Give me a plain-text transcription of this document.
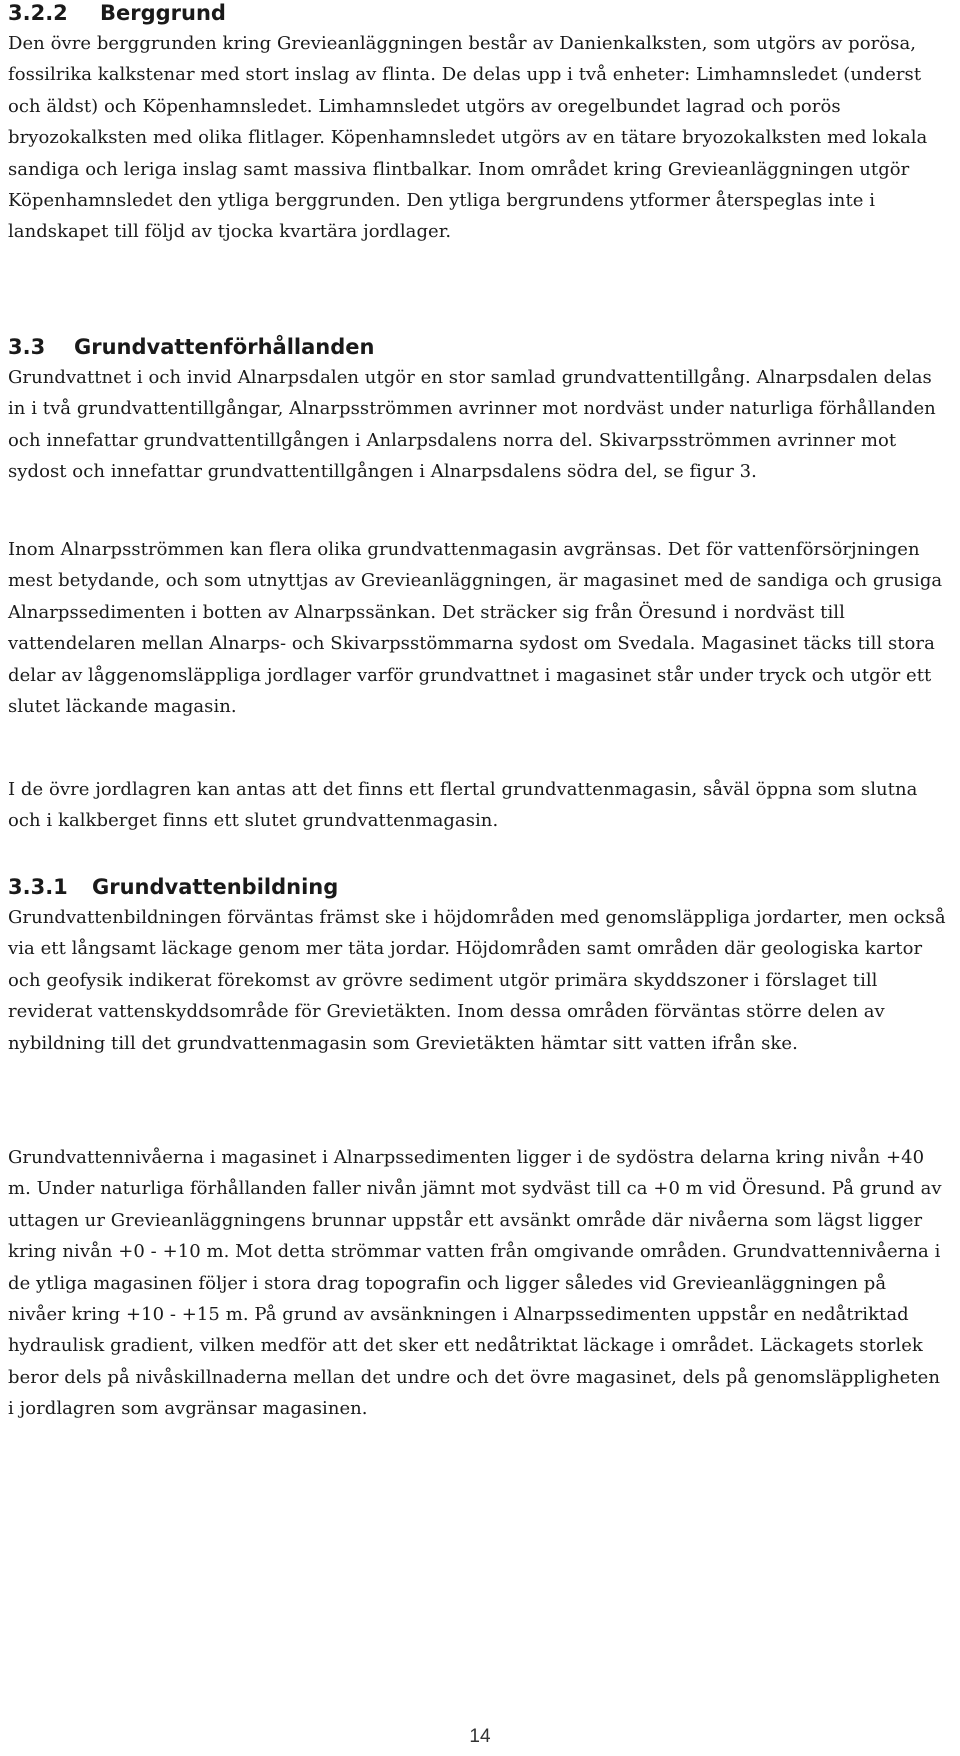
3.2.2 Berggrund

Den övre berggrunden kring Grevieanläggningen består av Danienkalksten, som utgörs av porösa, fossilrika kalkstenar med stort inslag av flinta. De delas upp i två enheter: Limhamnsledet (underst och äldst) och Köpenhamnsledet. Limhamnsledet utgörs av oregelbundet lagrad och porös bryozokalksten med olika flitlager. Köpenhamnsledet utgörs av en tätare bryozokalksten med lokala sandiga och leriga inslag samt massiva flintbalkar. Inom området kring Grevieanläggningen utgör Köpenhamnsledet den ytliga berggrunden. Den ytliga bergrundens ytformer återspeglas inte i landskapet till följd av tjocka kvartära jordlager.

3.3 Grundvattenförhållanden

Grundvattnet i och invid Alnarpsdalen utgör en stor samlad grundvattentillgång. Alnarpsdalen delas in i två grundvattentillgångar, Alnarpsströmmen avrinner mot nordväst under naturliga förhållanden och innefattar grundvattentillgången i Anlarpsdalens norra del. Skivarpsströmmen avrinner mot sydost och innefattar grundvattentillgången i Alnarpsdalens södra del, se figur 3.

Inom Alnarpsströmmen kan flera olika grundvattenmagasin avgränsas. Det för vattenförsörjningen mest betydande, och som utnyttjas av Grevieanläggningen, är magasinet med de sandiga och grusiga Alnarpssedimenten i botten av Alnarpssänkan. Det sträcker sig från Öresund i nordväst till vattendelaren mellan Alnarps- och Skivarpsstömmarna sydost om Svedala. Magasinet täcks till stora delar av låggenomsläppliga jordlager varför grundvattnet i magasinet står under tryck och utgör ett slutet läckande magasin.

I de övre jordlagren kan antas att det finns ett flertal grundvattenmagasin, såväl öppna som slutna och i kalkberget finns ett slutet grundvattenmagasin.

3.3.1 Grundvattenbildning

Grundvattenbildningen förväntas främst ske i höjdområden med genomsläppliga jordarter, men också via ett långsamt läckage genom mer täta jordar. Höjdområden samt områden där geologiska kartor och geofysik indikerat förekomst av grövre sediment utgör primära skyddszoner i förslaget till reviderat vattenskyddsområde för Grevietäkten. Inom dessa områden förväntas större delen av nybildning till det grundvattenmagasin som Grevietäkten hämtar sitt vatten ifrån ske.

Grundvattennivåerna i magasinet i Alnarpssedimenten ligger i de sydöstra delarna kring nivån +40 m. Under naturliga förhållanden faller nivån jämnt mot sydväst till ca +0 m vid Öresund. På grund av uttagen ur Grevieanläggningens brunnar uppstår ett avsänkt område där nivåerna som lägst ligger kring nivån +0 - +10 m. Mot detta strömmar vatten från omgivande områden. Grundvattennivåerna i de ytliga magasinen följer i stora drag topografin och ligger således vid Grevieanläggningen på nivåer kring +10 - +15 m. På grund av avsänkningen i Alnarpssedimenten uppstår en nedåtriktad hydraulisk gradient, vilken medför att det sker ett nedåtriktat läckage i området. Läckagets storlek beror dels på nivåskillnaderna mellan det undre och det övre magasinet, dels på genomsläppligheten i jordlagren som avgränsar magasinen.

14
